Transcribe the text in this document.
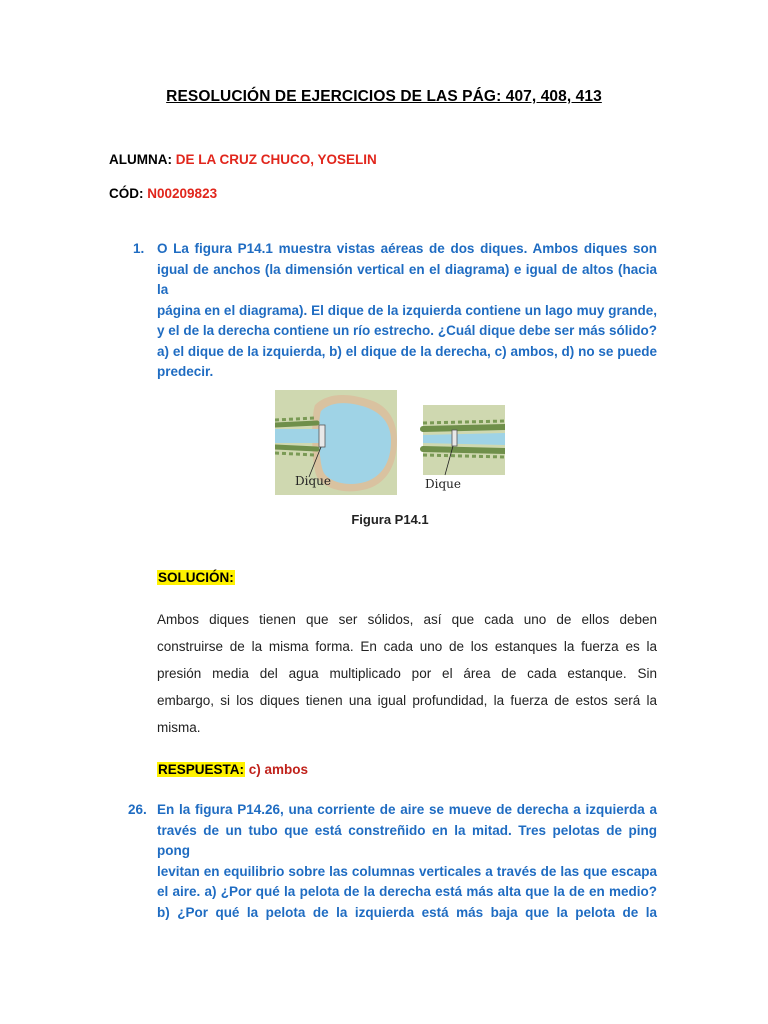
RESOLUCIÓN DE EJERCICIOS DE LAS PÁG: 407, 408, 413
ALUMNA: DE LA CRUZ CHUCO, YOSELIN
CÓD: N00209823
1. O La figura P14.1 muestra vistas aéreas de dos diques. Ambos diques son
igual de anchos (la dimensión vertical en el diagrama) e igual de altos (hacia la
página en el diagrama). El dique de la izquierda contiene un lago muy grande,
y el de la derecha contiene un río estrecho. ¿Cuál dique debe ser más sólido?
a) el dique de la izquierda, b) el dique de la derecha, c) ambos, d) no se puede
predecir.
Dique	Dique
Figura P14.1
SOLUCIÓN:
Ambos diques tienen que ser sólidos, así que cada uno de ellos deben
construirse de la misma forma. En cada uno de los estanques la fuerza es la
presión media del agua multiplicado por el área de cada estanque. Sin
embargo, si los diques tienen una igual profundidad, la fuerza de estos será la
misma.
RESPUESTA: c) ambos
26. En la figura P14.26, una corriente de aire se mueve de derecha a izquierda a
través de un tubo que está constreñido en la mitad. Tres pelotas de ping pong
levitan en equilibrio sobre las columnas verticales a través de las que escapa
el aire. a) ¿Por qué la pelota de la derecha está más alta que la de en medio?
b) ¿Por qué la pelota de la izquierda está más baja que la pelota de la
